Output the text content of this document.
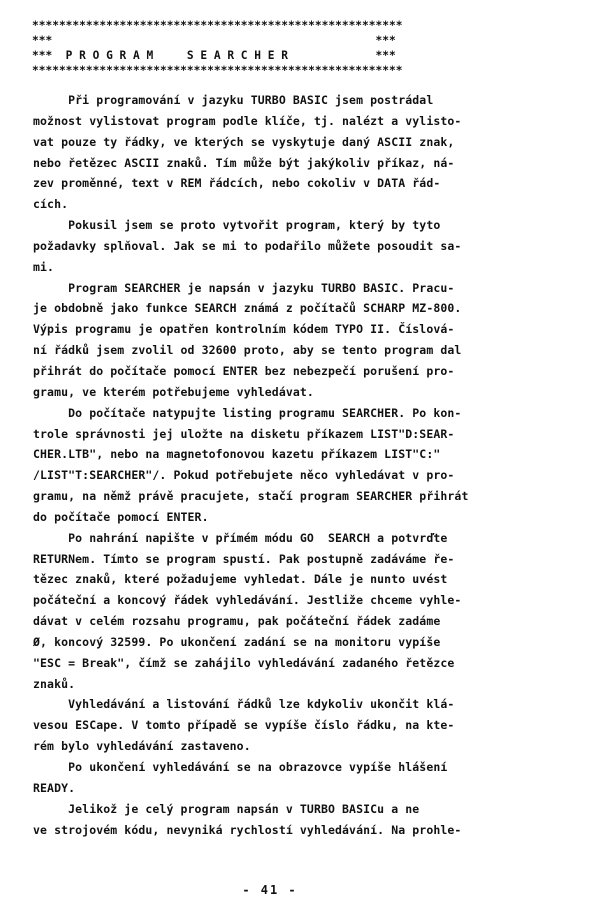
*******************************************************
***                                                ***
***  P R O G R A M     S E A R C H E R             ***
*******************************************************
Při programování v jazyku TURBO BASIC jsem postrádal
možnost vylistovat program podle klíče, tj. nalézt a vylisto-
vat pouze ty řádky, ve kterých se vyskytuje daný ASCII znak,
nebo řetězec ASCII znaků. Tím může být jakýkoliv příkaz, ná-
zev proměnné, text v REM řádcích, nebo cokoliv v DATA řád-
cích.
Pokusil jsem se proto vytvořit program, který by tyto
požadavky splňoval. Jak se mi to podařilo můžete posoudit sa-
mi.
Program SEARCHER je napsán v jazyku TURBO BASIC. Pracu-
je obdobně jako funkce SEARCH známá z počítačů SCHARP MZ-800.
Výpis programu je opatřen kontrolním kódem TYPO II. Číslová-
ní řádků jsem zvolil od 32600 proto, aby se tento program dal
přihrát do počítače pomocí ENTER bez nebezpečí porušení pro-
gramu, ve kterém potřebujeme vyhledávat.
Do počítače natypujte listing programu SEARCHER. Po kon-
trole správnosti jej uložte na disketu příkazem LIST"D:SEAR-
CHER.LTB", nebo na magnetofonovou kazetu příkazem LIST"C:"
/LIST"T:SEARCHER"/. Pokud potřebujete něco vyhledávat v pro-
gramu, na němž právě pracujete, stačí program SEARCHER přihrát
do počítače pomocí ENTER.
Po nahrání napište v přímém módu GO  SEARCH a potvrďte
RETURNem. Tímto se program spustí. Pak postupně zadáváme ře-
tězec znaků, které požadujeme vyhledat. Dále je nunto uvést
počáteční a koncový řádek vyhledávání. Jestliže chceme vyhle-
dávat v celém rozsahu programu, pak počáteční řádek zadáme
Ø, koncový 32599. Po ukončení zadání se na monitoru vypíše
"ESC = Break", čímž se zahájilo vyhledávání zadaného řetězce
znaků.
Vyhledávání a listování řádků lze kdykoliv ukončit klá-
vesou ESCape. V tomto případě se vypíše číslo řádku, na kte-
rém bylo vyhledávání zastaveno.
Po ukončení vyhledávání se na obrazovce vypíše hlášení
READY.
Jelikož je celý program napsán v TURBO BASICu a ne
ve strojovém kódu, nevyniká rychlostí vyhledávání. Na prohle-
- 41 -
